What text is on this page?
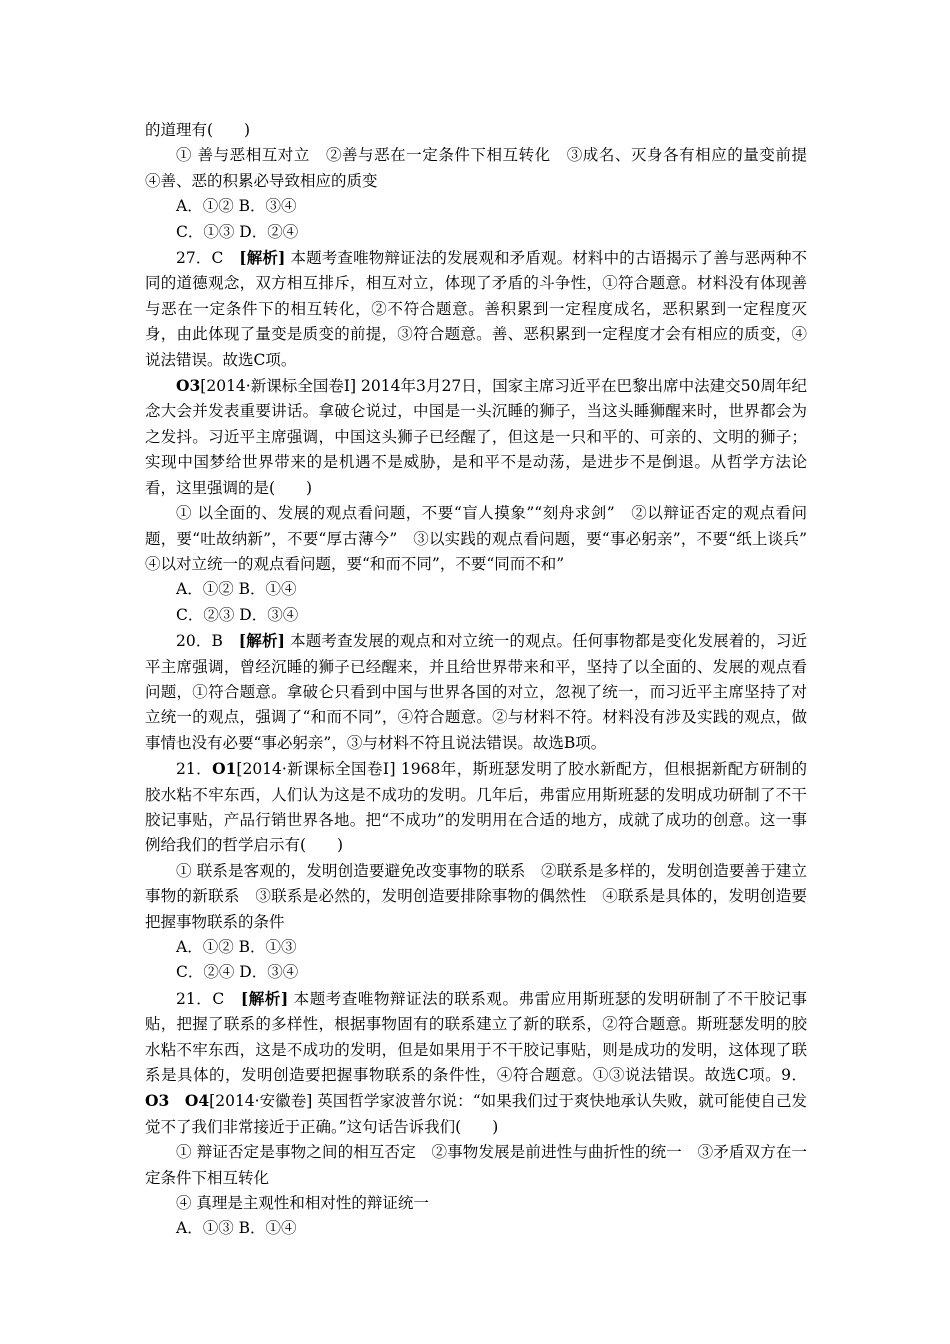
的道理有(　　)

① 善与恶相互对立　②善与恶在一定条件下相互转化　③成名、灭身各有相应的量变前提　④善、恶的积累必导致相应的质变

A．①② B．③④

C．①③ D．②④

27．C　[解析] 本题考查唯物辩证法的发展观和矛盾观。材料中的古语揭示了善与恶两种不同的道德观念，双方相互排斥，相互对立，体现了矛盾的斗争性，①符合题意。材料没有体现善与恶在一定条件下的相互转化，②不符合题意。善积累到一定程度成名，恶积累到一定程度灭身，由此体现了量变是质变的前提，③符合题意。善、恶积累到一定程度才会有相应的质变，④说法错误。故选C项。

O3[2014·新课标全国卷Ⅰ] 2014年3月27日，国家主席习近平在巴黎出席中法建交50周年纪念大会并发表重要讲话。拿破仑说过，中国是一头沉睡的狮子，当这头睡狮醒来时，世界都会为之发抖。习近平主席强调，中国这头狮子已经醒了，但这是一只和平的、可亲的、文明的狮子；实现中国梦给世界带来的是机遇不是威胁，是和平不是动荡，是进步不是倒退。从哲学方法论看，这里强调的是(　　)

① 以全面的、发展的观点看问题，不要“盲人摸象”“刻舟求剑”　②以辩证否定的观点看问题，要“吐故纳新”，不要“厚古薄今”　③以实践的观点看问题，要“事必躬亲”，不要“纸上谈兵”　④以对立统一的观点看问题，要“和而不同”，不要“同而不和”

A．①② B．①④

C．②③ D．③④

20．B　[解析] 本题考查发展的观点和对立统一的观点。任何事物都是变化发展着的，习近平主席强调，曾经沉睡的狮子已经醒来，并且给世界带来和平，坚持了以全面的、发展的观点看问题，①符合题意。拿破仑只看到中国与世界各国的对立，忽视了统一，而习近平主席坚持了对立统一的观点，强调了“和而不同”，④符合题意。②与材料不符。材料没有涉及实践的观点，做事情也没有必要“事必躬亲”，③与材料不符且说法错误。故选B项。

21．O1[2014·新课标全国卷Ⅰ] 1968年，斯班瑟发明了胶水新配方，但根据新配方研制的胶水粘不牢东西，人们认为这是不成功的发明。几年后，弗雷应用斯班瑟的发明成功研制了不干胶记事贴，产品行销世界各地。把“不成功”的发明用在合适的地方，成就了成功的创意。这一事例给我们的哲学启示有(　　)

① 联系是客观的，发明创造要避免改变事物的联系　②联系是多样的，发明创造要善于建立事物的新联系　③联系是必然的，发明创造要排除事物的偶然性　④联系是具体的，发明创造要把握事物联系的条件

A．①② B．①③

C．②④ D．③④

21．C　[解析] 本题考查唯物辩证法的联系观。弗雷应用斯班瑟的发明研制了不干胶记事贴，把握了联系的多样性，根据事物固有的联系建立了新的联系，②符合题意。斯班瑟发明的胶水粘不牢东西，这是不成功的发明，但是如果用于不干胶记事贴，则是成功的发明，这体现了联系是具体的，发明创造要把握事物联系的条件性，④符合题意。①③说法错误。故选C项。9．O3　O4[2014·安徽卷] 英国哲学家波普尔说：“如果我们过于爽快地承认失败，就可能使自己发觉不了我们非常接近于正确。”这句话告诉我们(　　)

① 辩证否定是事物之间的相互否定　②事物发展是前进性与曲折性的统一　③矛盾双方在一定条件下相互转化

④ 真理是主观性和相对性的辩证统一

A．①③ B．①④
